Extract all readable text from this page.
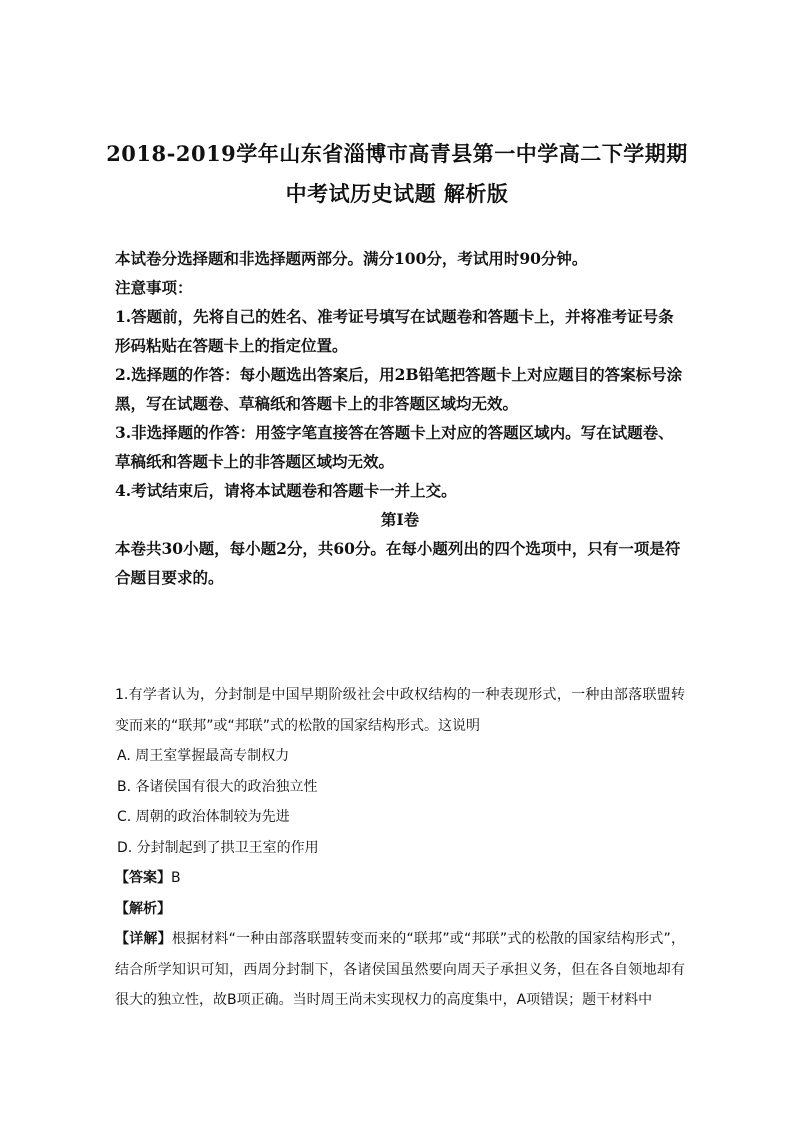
2018-2019学年山东省淄博市高青县第一中学高二下学期期
中考试历史试题 解析版

本试卷分选择题和非选择题两部分。满分100分，考试用时90分钟。

注意事项：

1.答题前，先将自己的姓名、准考证号填写在试题卷和答题卡上，并将准考证号条形码粘贴在答题卡上的指定位置。

2.选择题的作答：每小题选出答案后，用2B铅笔把答题卡上对应题目的答案标号涂黑，写在试题卷、草稿纸和答题卡上的非答题区域均无效。

3.非选择题的作答：用签字笔直接答在答题卡上对应的答题区域内。写在试题卷、草稿纸和答题卡上的非答题区域均无效。

4.考试结束后，请将本试题卷和答题卡一并上交。

第Ⅰ卷

本卷共30小题，每小题2分，共60分。在每小题列出的四个选项中，只有一项是符合题目要求的。

1.有学者认为，分封制是中国早期阶级社会中政权结构的一种表现形式，一种由部落联盟转变而来的“联邦”或“邦联”式的松散的国家结构形式。这说明

A. 周王室掌握最高专制权力

B. 各诸侯国有很大的政治独立性

C. 周朝的政治体制较为先进

D. 分封制起到了拱卫王室的作用

【答案】B

【解析】

【详解】根据材料“一种由部落联盟转变而来的“联邦”或“邦联”式的松散的国家结构形式”，结合所学知识可知，西周分封制下，各诸侯国虽然要向周天子承担义务，但在各自领地却有很大的独立性，故B项正确。当时周王尚未实现权力的高度集中，A项错误；题干材料中
